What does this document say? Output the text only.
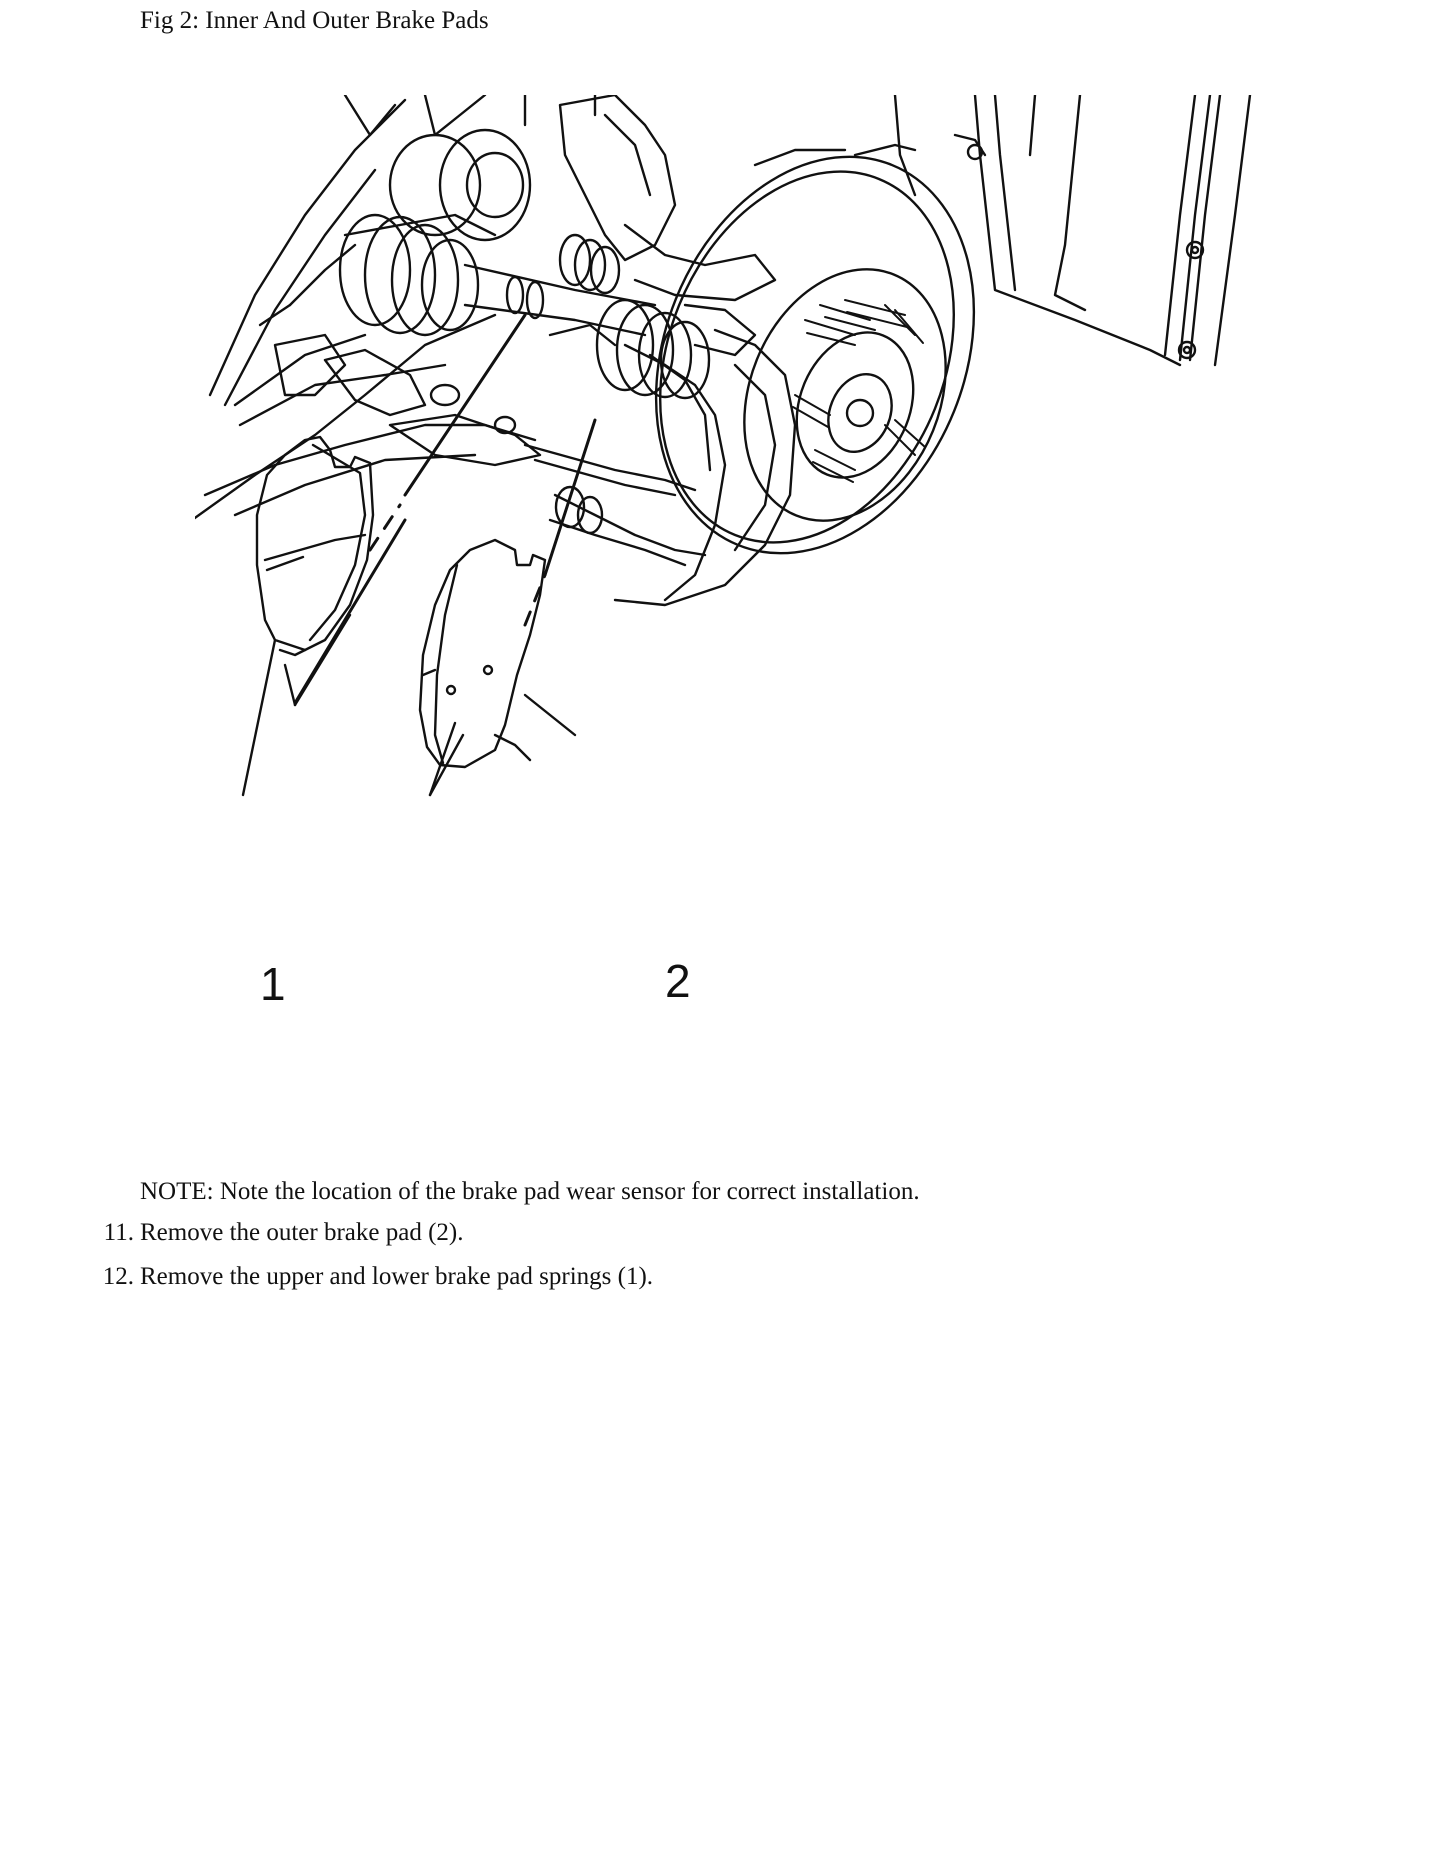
Fig 2: Inner And Outer Brake Pads
1	2
NOTE: Note the location of the brake pad wear sensor for correct installation.
11. Remove the outer brake pad (2).
12. Remove the upper and lower brake pad springs (1).
